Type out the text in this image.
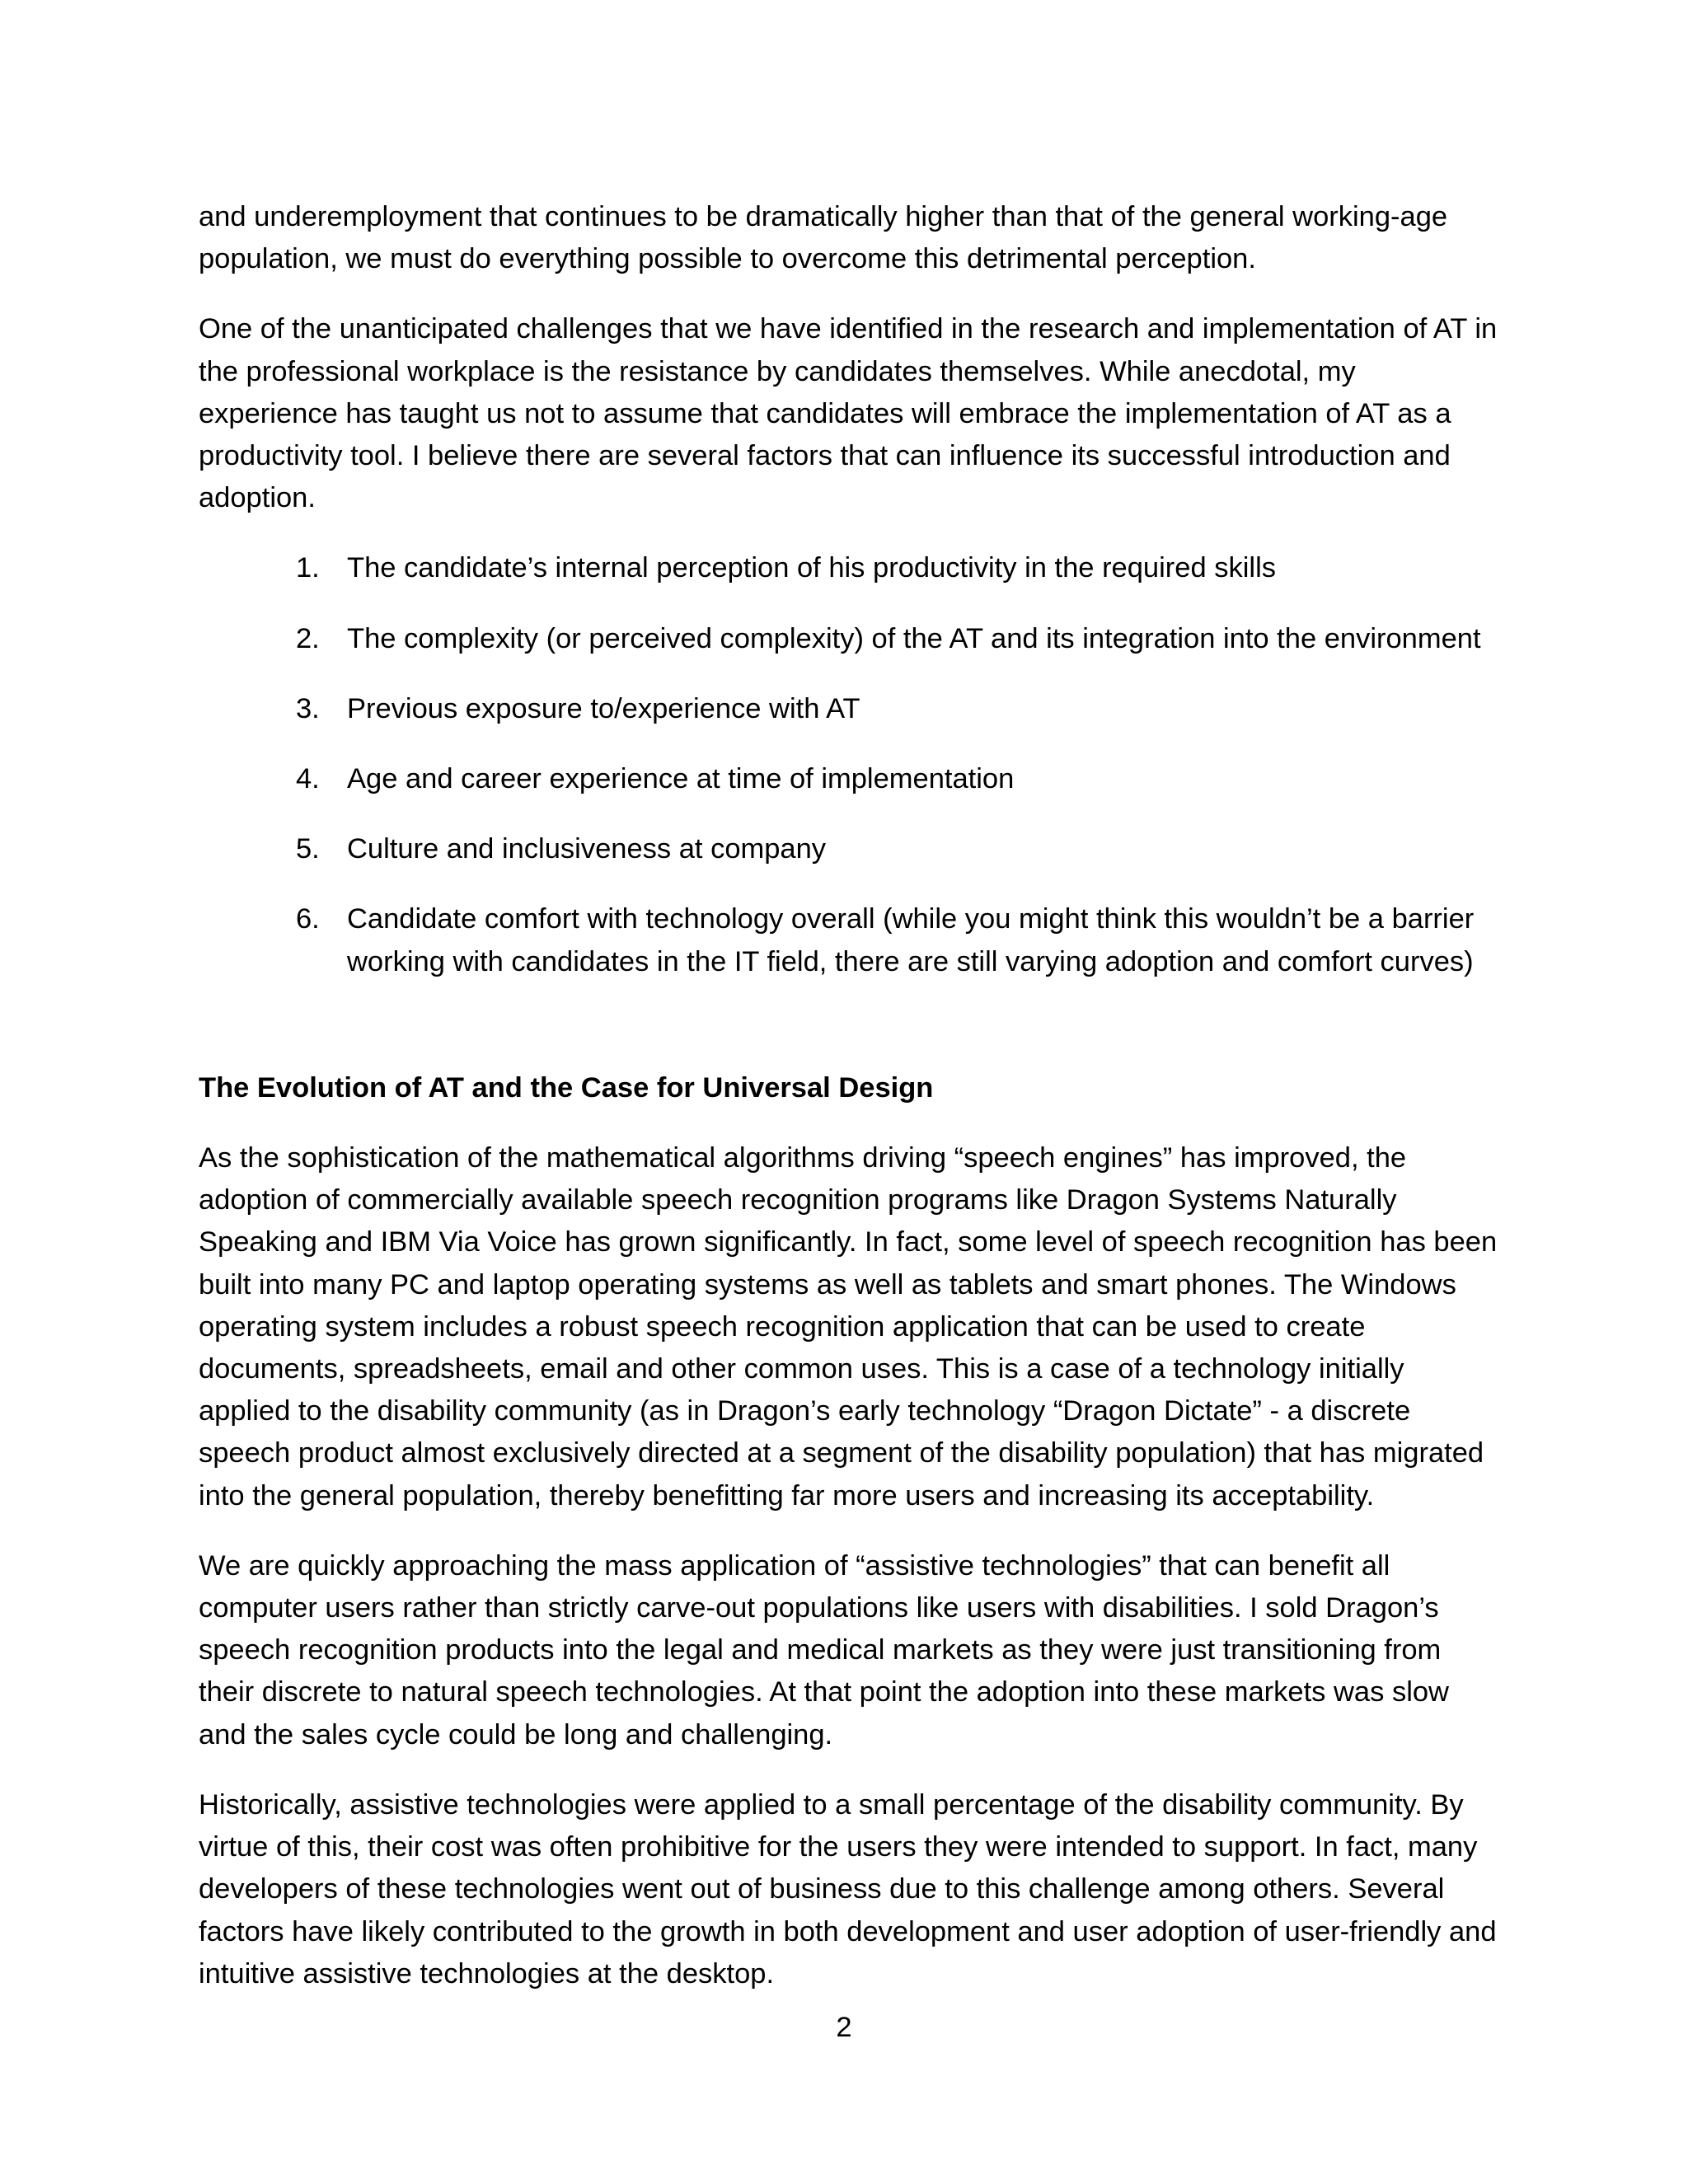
and underemployment that continues to be dramatically higher than that of the general working-age population, we must do everything possible to overcome this detrimental perception.

One of the unanticipated challenges that we have identified in the research and implementation of AT in the professional workplace is the resistance by candidates themselves. While anecdotal, my experience has taught us not to assume that candidates will embrace the implementation of AT as a productivity tool. I believe there are several factors that can influence its successful introduction and adoption.

1. The candidate’s internal perception of his productivity in the required skills
2. The complexity (or perceived complexity) of the AT and its integration into the environment
3. Previous exposure to/experience with AT
4. Age and career experience at time of implementation
5. Culture and inclusiveness at company
6. Candidate comfort with technology overall (while you might think this wouldn’t be a barrier working with candidates in the IT field, there are still varying adoption and comfort curves)

The Evolution of AT and the Case for Universal Design

As the sophistication of the mathematical algorithms driving “speech engines” has improved, the adoption of commercially available speech recognition programs like Dragon Systems Naturally Speaking and IBM Via Voice has grown significantly. In fact, some level of speech recognition has been built into many PC and laptop operating systems as well as tablets and smart phones. The Windows operating system includes a robust speech recognition application that can be used to create documents, spreadsheets, email and other common uses. This is a case of a technology initially applied to the disability community (as in Dragon’s early technology “Dragon Dictate” - a discrete speech product almost exclusively directed at a segment of the disability population) that has migrated into the general population, thereby benefitting far more users and increasing its acceptability.

We are quickly approaching the mass application of “assistive technologies” that can benefit all computer users rather than strictly carve-out populations like users with disabilities. I sold Dragon’s speech recognition products into the legal and medical markets as they were just transitioning from their discrete to natural speech technologies. At that point the adoption into these markets was slow and the sales cycle could be long and challenging.

Historically, assistive technologies were applied to a small percentage of the disability community. By virtue of this, their cost was often prohibitive for the users they were intended to support. In fact, many developers of these technologies went out of business due to this challenge among others. Several factors have likely contributed to the growth in both development and user adoption of user-friendly and intuitive assistive technologies at the desktop.

2
